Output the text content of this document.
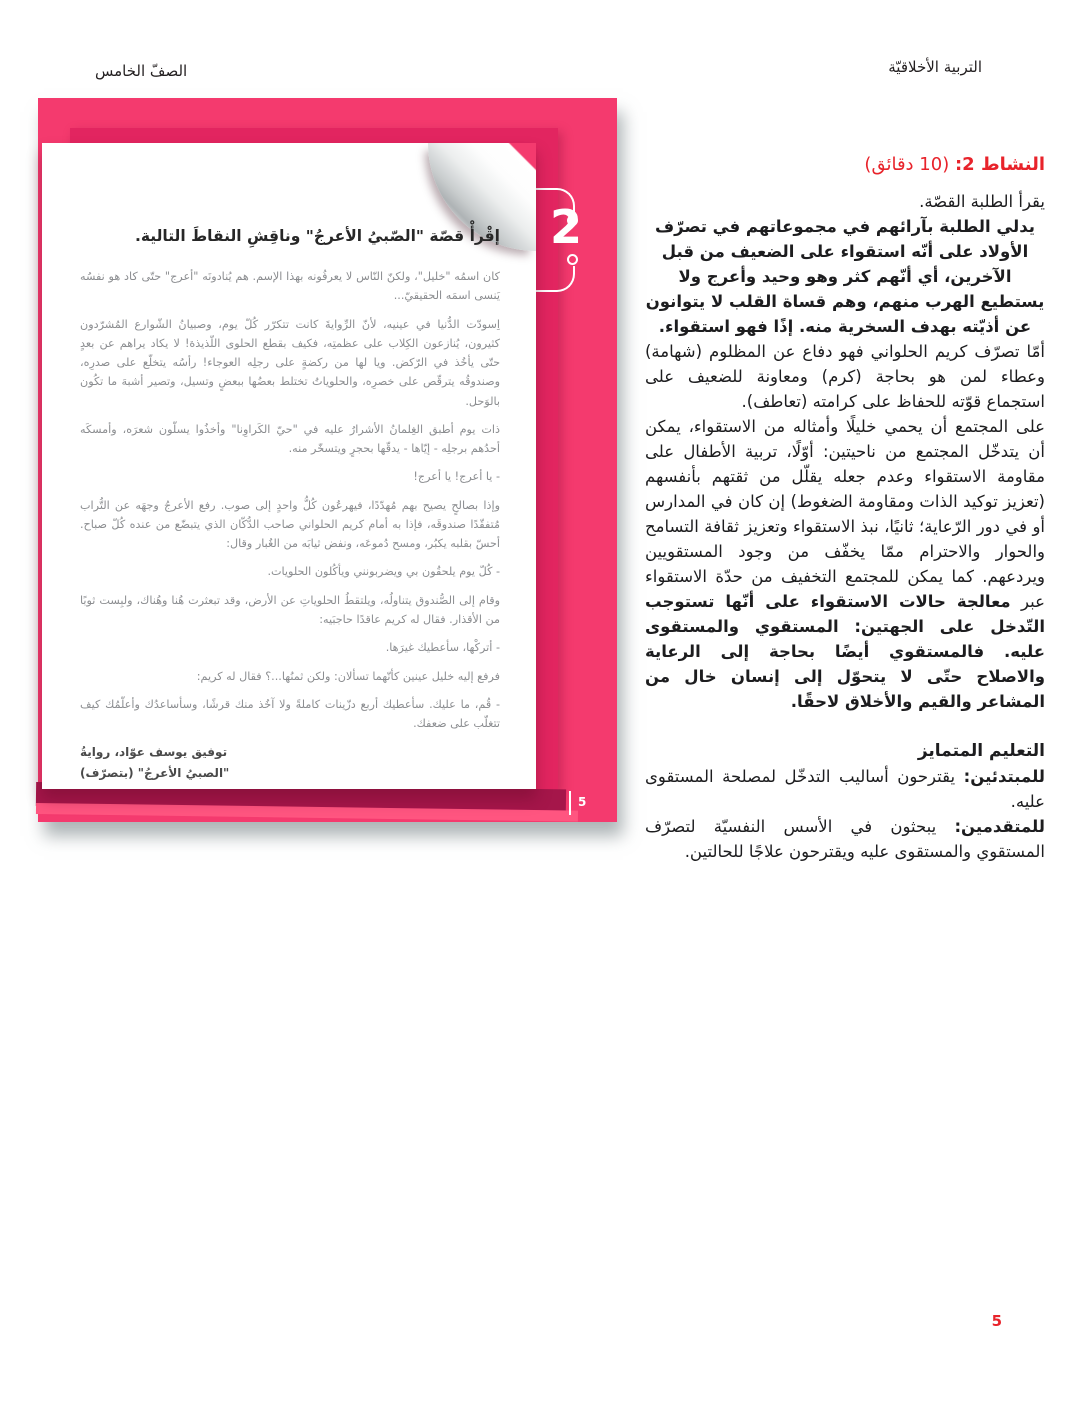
الصفّ الخامس	التربية الأخلاقيّة
2
إقْرأْ قصّة "الصّبيُ الأعرجُ" وناقِشِ النقاطَ التالية.

كان اسمُه "خليل"، ولكنّ النّاس لا يعرفُونه بهذا الإسم. هم يُنادونَه "أعرج" حتّى كاد هو نفسُه يَنسى اسمَه الحقيقيّ...

اِسودّت الدُّنيا في عينيه، لأنّ الرِّوايةَ كانت تتكرّر كُلّ يوم، وصبيانُ الشّوارع المُشرّدون كثيرون، يُنازعون الكِلاب على عظمتِه، فكيف بقطع الحلوى اللّذيذة! لا يكاد يراهم عن بعدٍ حتّى يأخُذ في الرّكض. ويا لها من ركضةٍ على رجلِه العوجاء! رأسُه يتخلّع على صدرِه، وصندوقُه يترقّص على خصرِه، والحلوياتُ تختلط بعضُها ببعضٍ وتسيل، وتصير أشبهَ ما تكُون بالوَحل.

ذات يوم أطبق الغِلمانُ الأشرارُ عليه في "حيّ الكَراوِنا" وأخذُوا يسلّون شعرَه، وأمسكَه أحدُهم برجلِه - إيّاها - يدقّها بحجرٍ ويتسخّر منه.

- يا أعرج! يا أعرج!

وإذا بصالحٍ يصيح بهم مُهدّدًا، فيهرعُون كُلُّ واحدٍ إلى صوب. رفع الأعرجُ وجهَه عن التُّراب مُتفقّدًا صندوقَه، فإذا به أمام كريم الحلواني صاحب الدُّكّان الذي يتبضّع من عنده كُلّ صباح. أحسّ بقلبه يكبُر، ومسح دُموعَه، ونفض ثيابَه من الغُبار وقال:

- كُلّ يوم يلحقُون بي ويضربونني ويأكُلون الحلويات.

وقام إلى الصُّندوق يتناولُه، ويلتقطُ الحلوياتِ عن الأرض، وقد تبعثرت هُنا وهُناك، ولبِست ثوبًا من الأقذار. فقال له كريم عاقدًا حاجبَيه:

- أتركْها، سأعطيك غيرَها.

فرفع إليه خليل عينين كأنّهما تسألان: ولكن ثمنُها...؟ فقال له كريم:

- قُم، ما عليك. سأعطيك أربع دزّينات كاملةً ولا آخُذ منك قرشًا، وسأساعدُك وأعلّمُك كيف تتغلّب على ضعفك.

توفيق يوسف عوّاد، روايةُ
"الصبيُ الأعرجُ" (بتصرّف)
5
النشاط 2: (10 دقائق)

يقرأ الطلبة القصّة.

يدلي الطلبة بآرائهم في مجموعاتهم في تصرّف الأولاد على أنّه استقواء على الضعيف من قبل الآخرين، أي أنّهم كثر وهو وحيد وأعرج ولا يستطيع الهرب منهم، وهم قساة القلب لا يتوانون عن أذيّته بهدف السخرية منه. إذًا فهو استقواء.

أمّا تصرّف كريم الحلواني فهو دفاع عن المظلوم (شهامة) وعطاء لمن هو بحاجة (كرم) ومعاونة للضعيف على استجماع قوّته للحفاظ على كرامته (تعاطف).

على المجتمع أن يحمي خليلًا وأمثاله من الاستقواء، يمكن أن يتدخّل المجتمع من ناحيتين: أوّلًا، تربية الأطفال على مقاومة الاستقواء وعدم جعله يقلّل من ثقتهم بأنفسهم (تعزيز توكيد الذات ومقاومة الضغوط) إن كان في المدارس أو في دور الرّعاية؛ ثانيًا، نبذ الاستقواء وتعزيز ثقافة التسامح والحوار والاحترام ممّا يخفّف من وجود المستقويين ويردعهم. كما يمكن للمجتمع التخفيف من حدّة الاستقواء عبر معالجة حالات الاستقواء على أنّها تستوجب التّدخل على الجهتين: المستقوي والمستقوى عليه. فالمستقوي أيضًا بحاجة إلى الرعاية والاصلاح حتّى لا يتحوّل إلى إنسان خال من المشاعر والقيم والأخلاق لاحقًا.

التعليم المتمايز

للمبتدئين: يقترحون أساليب التدخّل لمصلحة المستقوى عليه.

للمتقدمين: يبحثون في الأسس النفسيّة لتصرّف المستقوي والمستقوى عليه ويقترحون علاجًا للحالتين.

5
